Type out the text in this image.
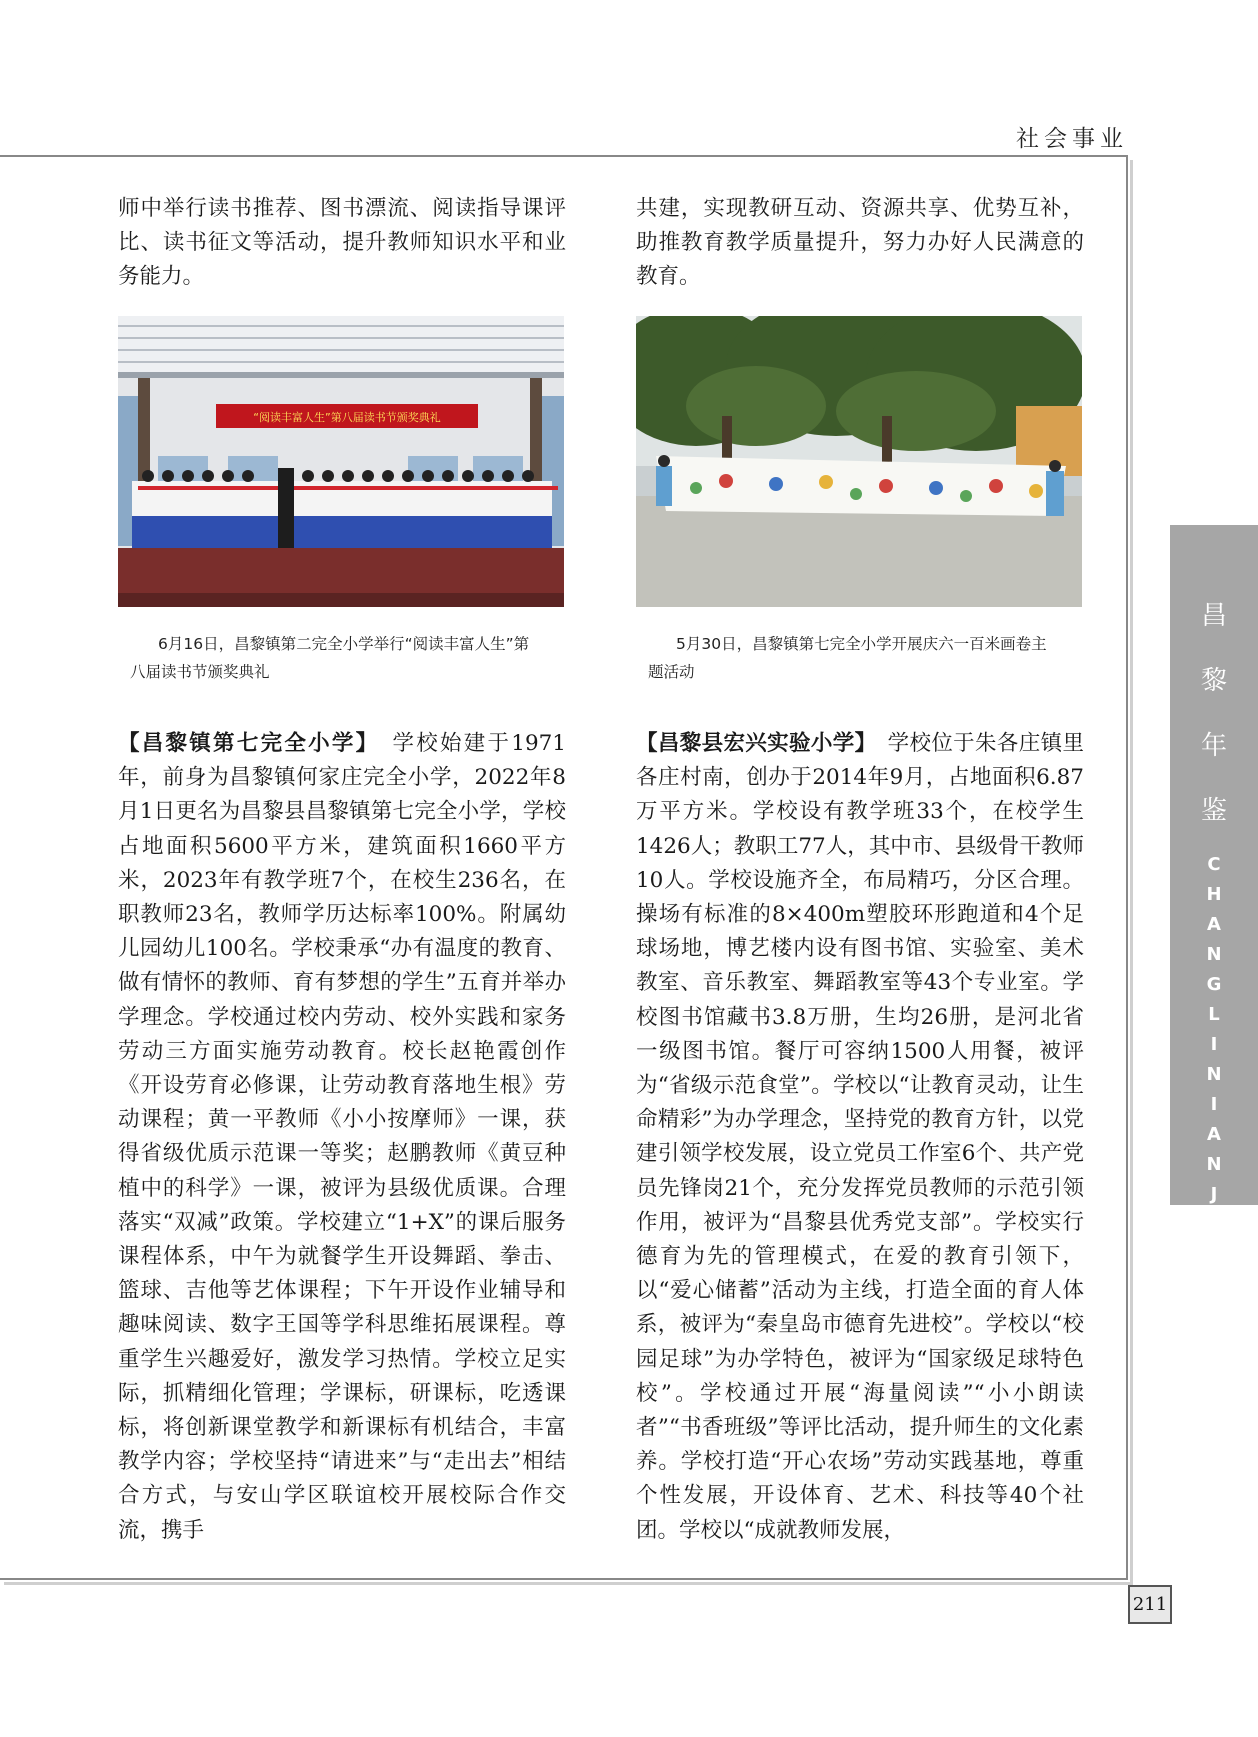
社会事业

师中举行读书推荐、图书漂流、阅读指导课评比、读书征文等活动，提升教师知识水平和业务能力。

共建，实现教研互动、资源共享、优势互补，助推教育教学质量提升，努力办好人民满意的教育。

“阅读丰富人生”第八届读书节颁奖典礼
6月16日，昌黎镇第二完全小学举行“阅读丰富人生”第八届读书节颁奖典礼
5月30日，昌黎镇第七完全小学开展庆六一百米画卷主题活动

【昌黎镇第七完全小学】　 学校始建于1971年，前身为昌黎镇何家庄完全小学，2022年8月1日更名为昌黎县昌黎镇第七完全小学，学校占地面积5600平方米，建筑面积1660平方米，2023年有教学班7个，在校生236名，在职教师23名，教师学历达标率100%。附属幼儿园幼儿100名。学校秉承“办有温度的教育、做有情怀的教师、育有梦想的学生”五育并举办学理念。学校通过校内劳动、校外实践和家务劳动三方面实施劳动教育。校长赵艳霞创作《开设劳育必修课，让劳动教育落地生根》劳动课程；黄一平教师《小小按摩师》一课，获得省级优质示范课一等奖；赵鹏教师《黄豆种植中的科学》一课，被评为县级优质课。合理落实“双减”政策。学校建立“1+X”的课后服务课程体系，中午为就餐学生开设舞蹈、拳击、篮球、吉他等艺体课程；下午开设作业辅导和趣味阅读、数字王国等学科思维拓展课程。尊重学生兴趣爱好，激发学习热情。学校立足实际，抓精细化管理；学课标，研课标，吃透课标，将创新课堂教学和新课标有机结合，丰富教学内容；学校坚持“请进来”与“走出去”相结合方式，与安山学区联谊校开展校际合作交流，携手

【昌黎县宏兴实验小学】　 学校位于朱各庄镇里各庄村南，创办于2014年9月，占地面积6.87万平方米。学校设有教学班33个，在校学生1426人；教职工77人，其中市、县级骨干教师10人。学校设施齐全，布局精巧，分区合理。操场有标准的8×400m塑胶环形跑道和4个足球场地，博艺楼内设有图书馆、实验室、美术教室、音乐教室、舞蹈教室等43个专业室。学校图书馆藏书3.8万册，生均26册，是河北省一级图书馆。餐厅可容纳1500人用餐，被评为“省级示范食堂”。学校以“让教育灵动，让生命精彩”为办学理念，坚持党的教育方针，以党建引领学校发展，设立党员工作室6个、共产党员先锋岗21个，充分发挥党员教师的示范引领作用，被评为“昌黎县优秀党支部”。学校实行德育为先的管理模式，在爱的教育引领下，以“爱心储蓄”活动为主线，打造全面的育人体系，被评为“秦皇岛市德育先进校”。学校以“校园足球”为办学特色，被评为“国家级足球特色校”。学校通过开展“海量阅读”“小小朗读者”“书香班级”等评比活动，提升师生的文化素养。学校打造“开心农场”劳动实践基地，尊重个性发展，开设体育、艺术、科技等40个社团。学校以“成就教师发展，

昌
黎
年
鉴
C
H
A
N
G
L
I
N
I
A
N
J
I
A
N
211
